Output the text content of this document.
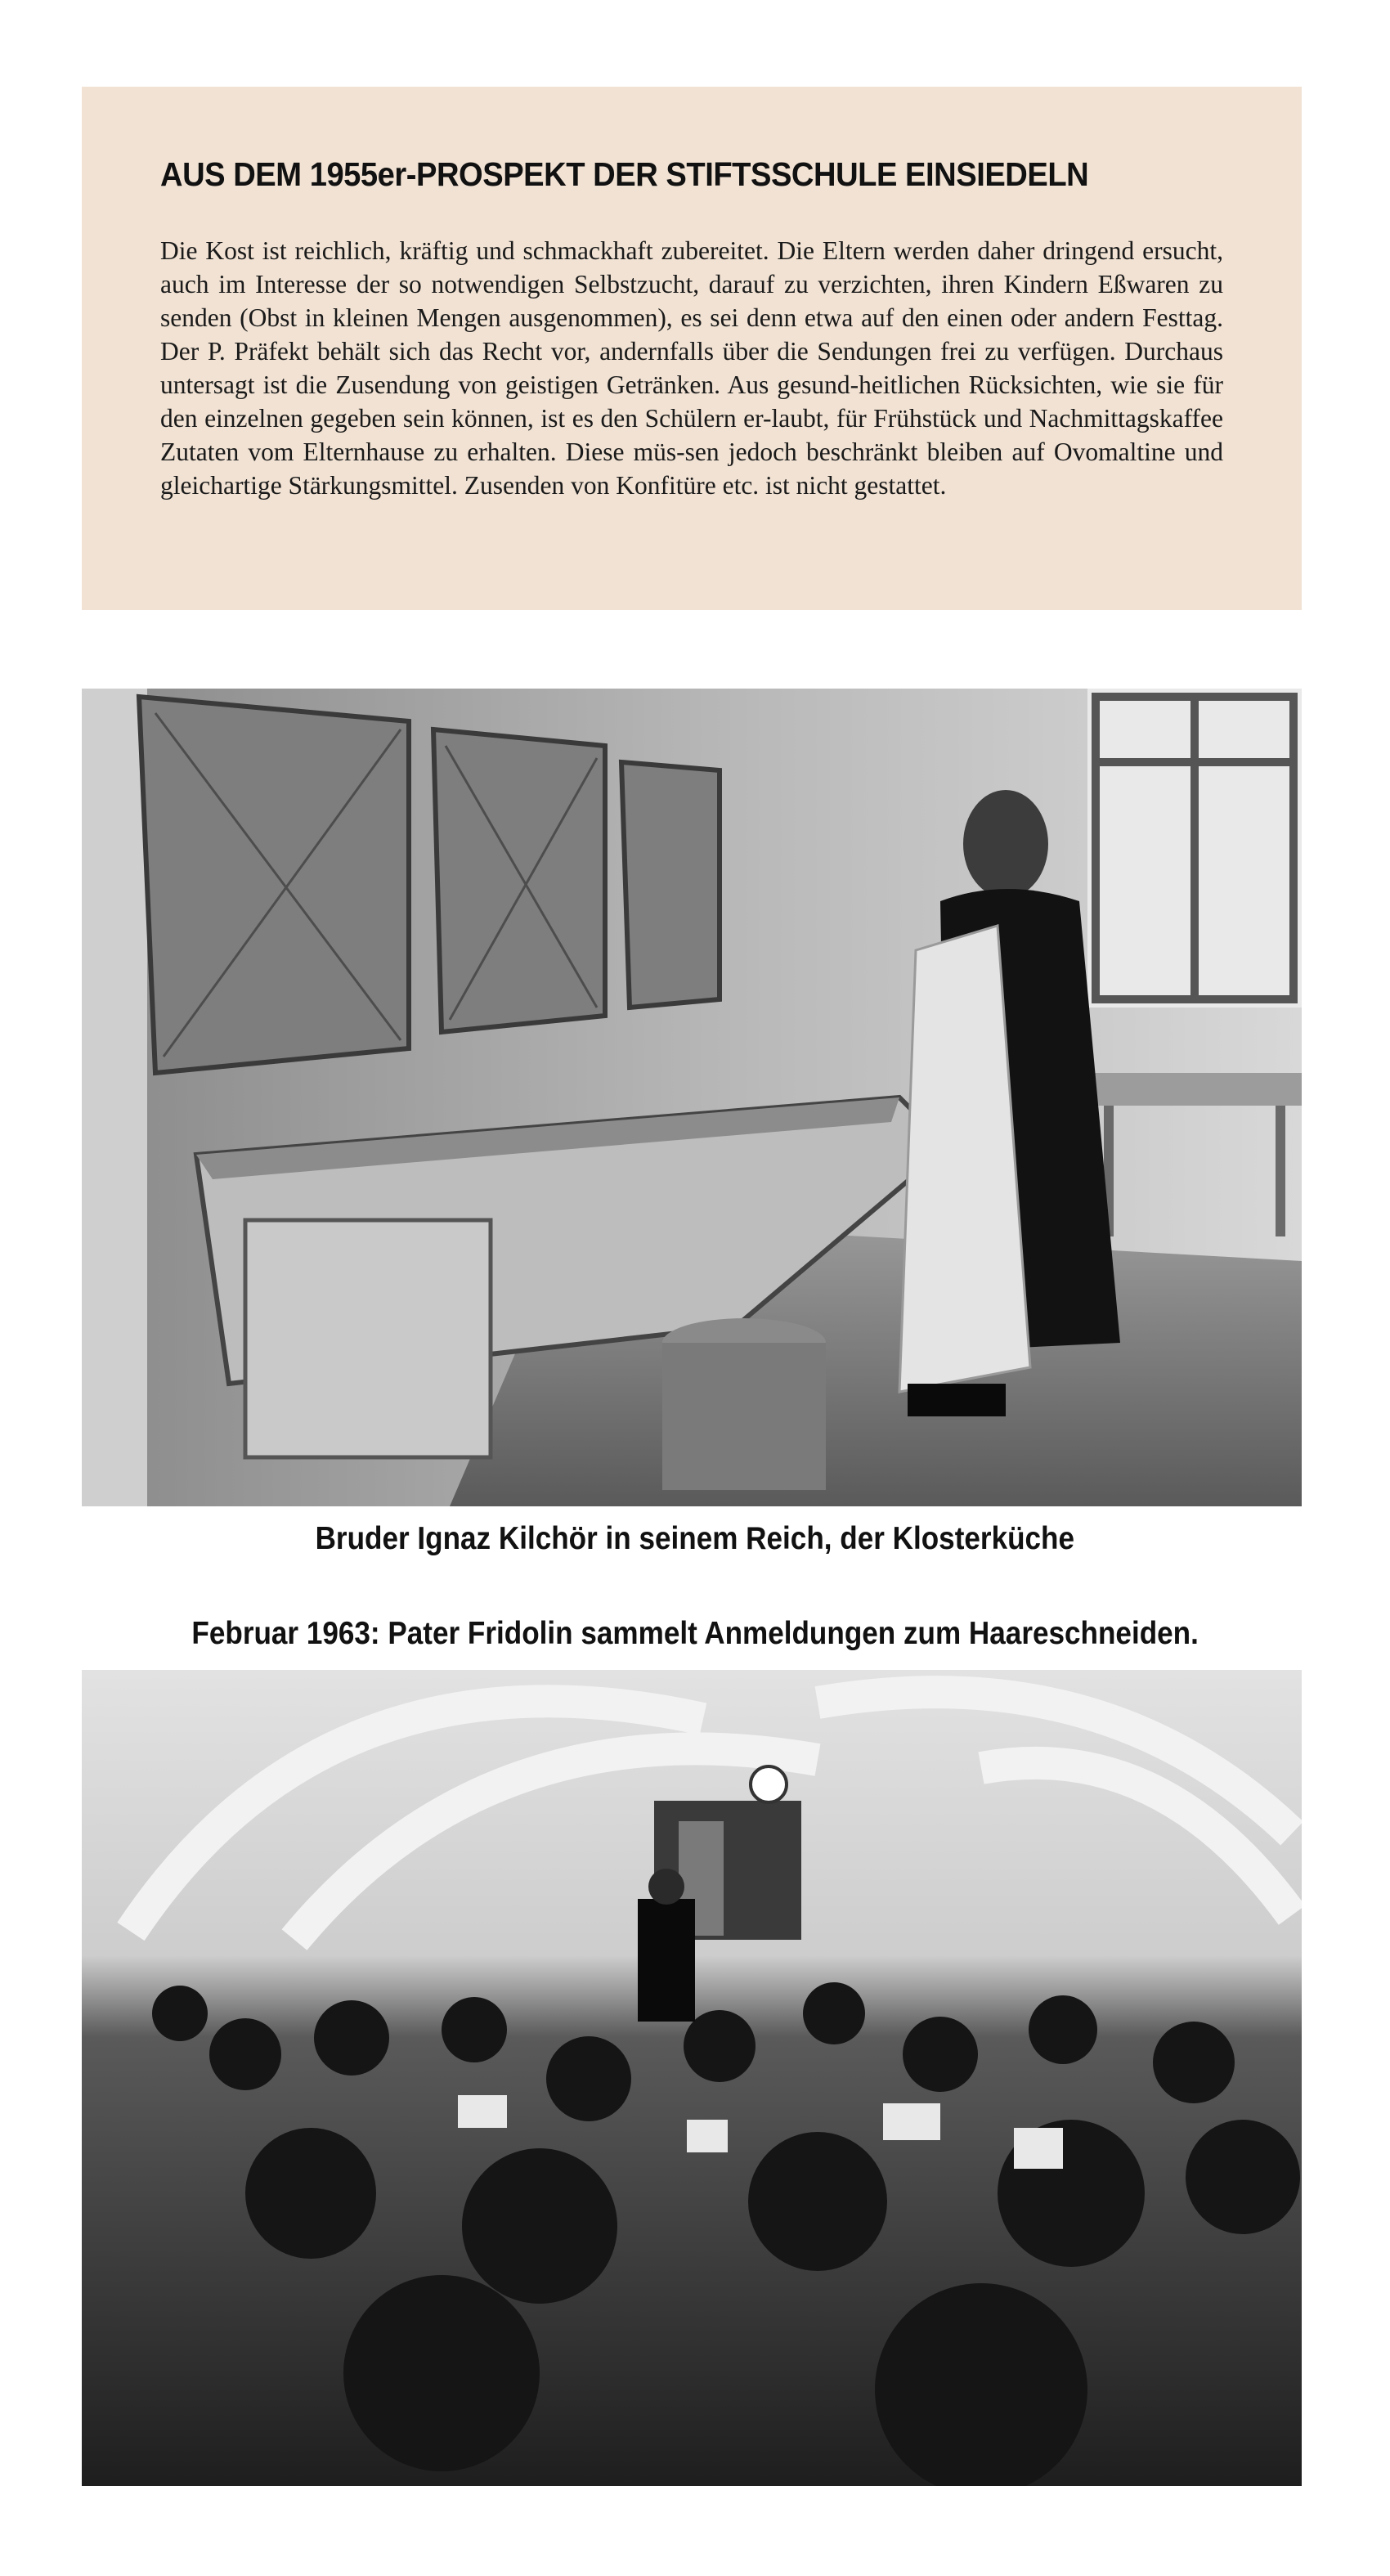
AUS DEM 1955er-PROSPEKT DER STIFTSSCHULE EINSIEDELN

Die Kost ist reichlich, kräftig und schmackhaft zubereitet. Die Eltern werden daher dringend ersucht, auch im Interesse der so notwendigen Selbstzucht, darauf zu verzichten, ihren Kindern Eßwaren zu senden (Obst in kleinen Mengen ausgenommen), es sei denn etwa auf den einen oder andern Festtag. Der P. Präfekt behält sich das Recht vor, andernfalls über die Sendungen frei zu verfügen. Durchaus untersagt ist die Zusendung von geistigen Getränken. Aus gesund-heitlichen Rücksichten, wie sie für den einzelnen gegeben sein können, ist es den Schülern er-laubt, für Frühstück und Nachmittagskaffee Zutaten vom Elternhause zu erhalten. Diese müs-sen jedoch beschränkt bleiben auf Ovomaltine und gleichartige Stärkungsmittel. Zusenden von Konfitüre etc. ist nicht gestattet.

Bruder Ignaz Kilchör in seinem Reich, der Klosterküche
Februar 1963: Pater Fridolin sammelt Anmeldungen zum Haareschneiden.
